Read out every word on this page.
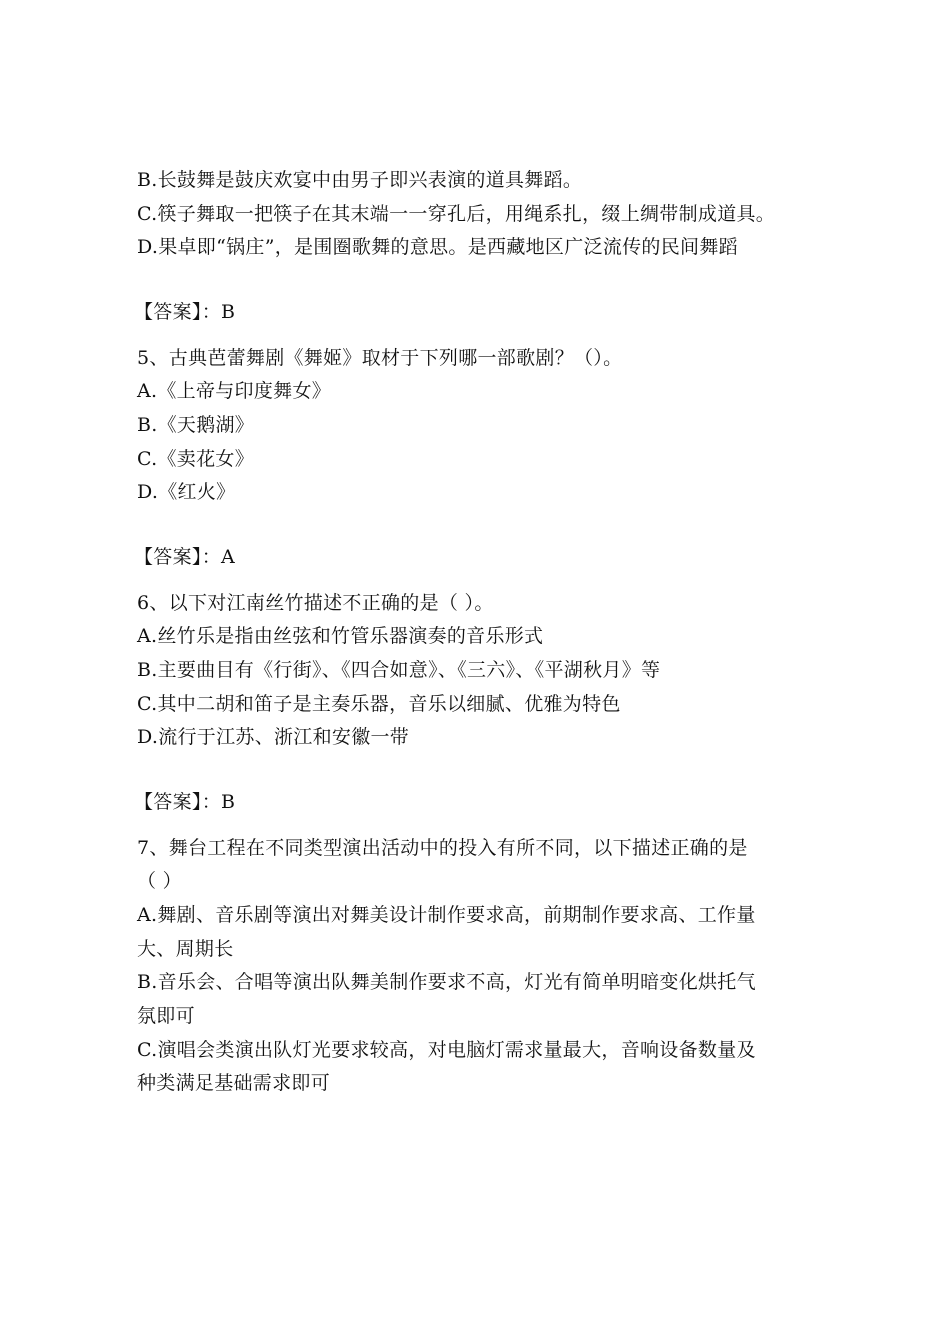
B.长鼓舞是鼓庆欢宴中由男子即兴表演的道具舞蹈。
C.筷子舞取一把筷子在其末端一一穿孔后，用绳系扎，缀上绸带制成道具。
D.果卓即“锅庄”，是围圈歌舞的意思。是西藏地区广泛流传的民间舞蹈
【答案】：B
5、古典芭蕾舞剧《舞姬》取材于下列哪一部歌剧？（）。
A.《上帝与印度舞女》
B.《天鹅湖》
C.《卖花女》
D.《红火》
【答案】：A
6、以下对江南丝竹描述不正确的是（ ）。
A.丝竹乐是指由丝弦和竹管乐器演奏的音乐形式
B.主要曲目有《行街》、《四合如意》、《三六》、《平湖秋月》等
C.其中二胡和笛子是主奏乐器，音乐以细腻、优雅为特色
D.流行于江苏、浙江和安徽一带
【答案】：B
7、舞台工程在不同类型演出活动中的投入有所不同，以下描述正确的是
（ ）
A.舞剧、音乐剧等演出对舞美设计制作要求高，前期制作要求高、工作量
大、周期长
B.音乐会、合唱等演出队舞美制作要求不高，灯光有简单明暗变化烘托气
氛即可
C.演唱会类演出队灯光要求较高，对电脑灯需求量最大，音响设备数量及
种类满足基础需求即可
